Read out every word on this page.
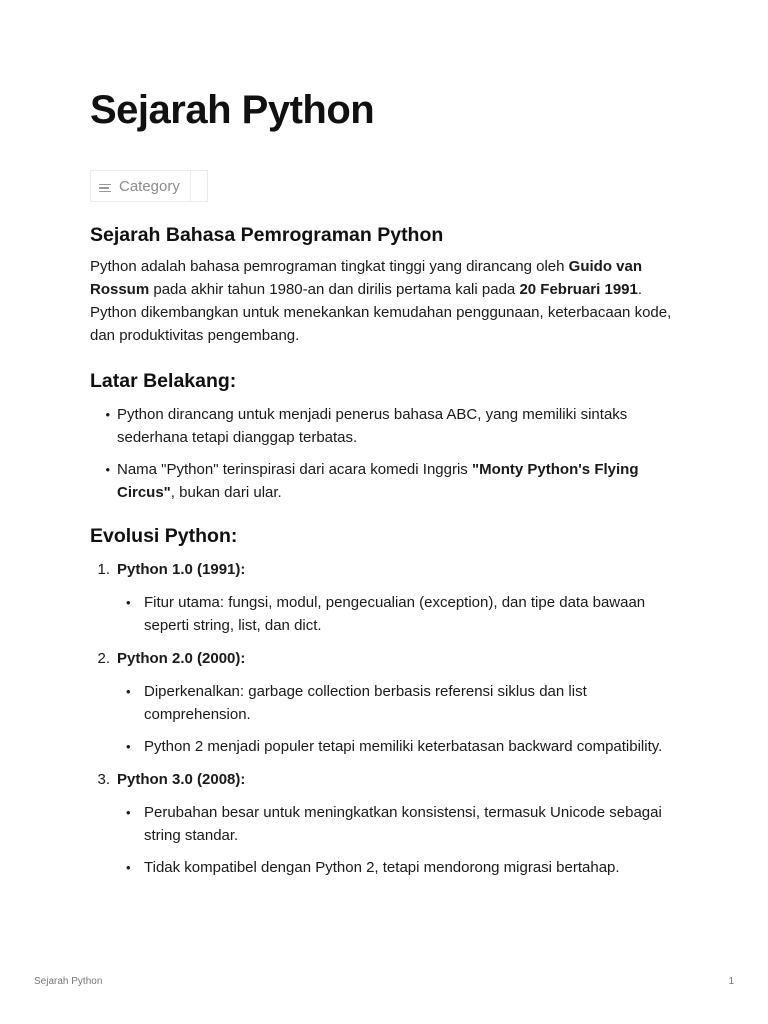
Sejarah Python
Category
Sejarah Bahasa Pemrograman Python

Python adalah bahasa pemrograman tingkat tinggi yang dirancang oleh Guido van Rossum pada akhir tahun 1980-an dan dirilis pertama kali pada 20 Februari 1991. Python dikembangkan untuk menekankan kemudahan penggunaan, keterbacaan kode, dan produktivitas pengembang.

Latar Belakang:
• Python dirancang untuk menjadi penerus bahasa ABC, yang memiliki sintaks sederhana tetapi dianggap terbatas.
• Nama "Python" terinspirasi dari acara komedi Inggris "Monty Python's Flying Circus", bukan dari ular.
Evolusi Python:
1. Python 1.0 (1991):
• Fitur utama: fungsi, modul, pengecualian (exception), dan tipe data bawaan seperti string, list, dan dict.
2. Python 2.0 (2000):
• Diperkenalkan: garbage collection berbasis referensi siklus dan list comprehension.
• Python 2 menjadi populer tetapi memiliki keterbatasan backward compatibility.
3. Python 3.0 (2008):
• Perubahan besar untuk meningkatkan konsistensi, termasuk Unicode sebagai string standar.
• Tidak kompatibel dengan Python 2, tetapi mendorong migrasi bertahap.
Sejarah Python	1
